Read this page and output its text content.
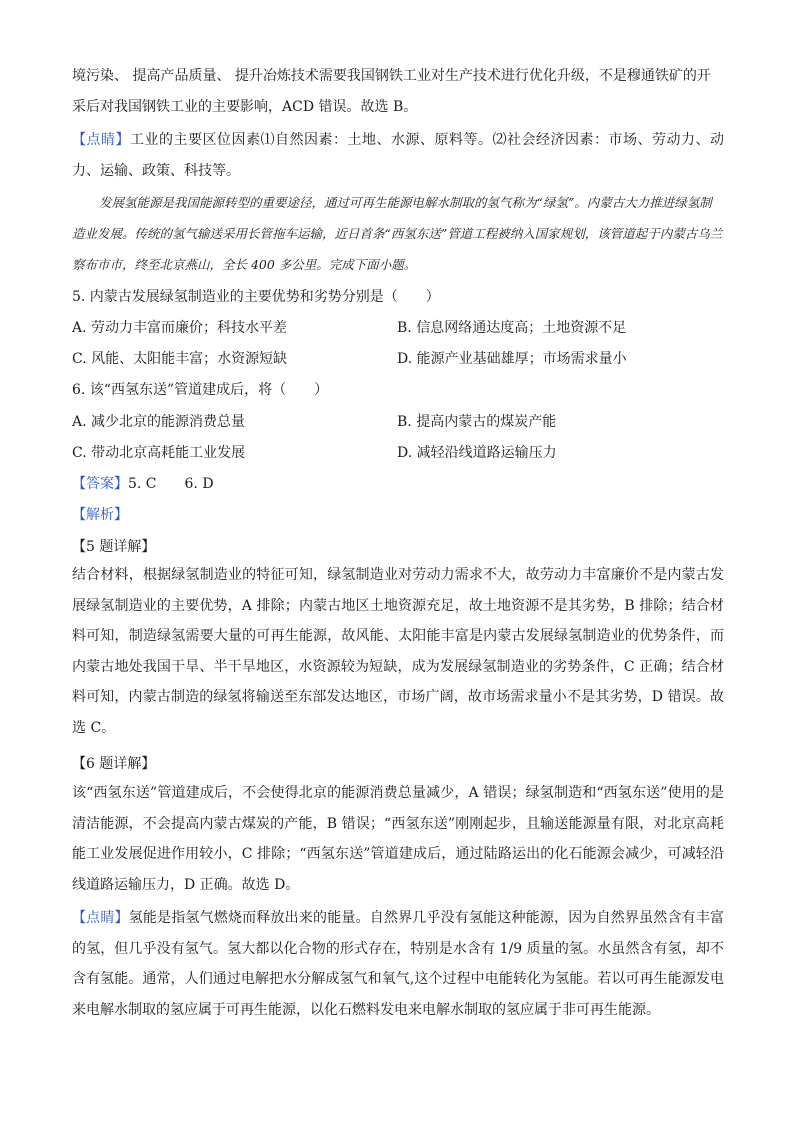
境污染、 提高产品质量、 提升冶炼技术需要我国钢铁工业对生产技术进行优化升级，不是穆通铁矿的开

采后对我国钢铁工业的主要影响，ACD 错误。故选 B。

【点睛】工业的主要区位因素⑴自然因素：土地、水源、原料等。⑵社会经济因素：市场、劳动力、动力、运输、政策、科技等。

发展氢能源是我国能源转型的重要途径，通过可再生能源电解水制取的氢气称为“绿氢”。内蒙古大力推进绿氢制造业发展。传统的氢气输送采用长管拖车运输，近日首条“西氢东送”管道工程被纳入国家规划，该管道起于内蒙古乌兰察布市市，终至北京燕山，全长 400 多公里。完成下面小题。

5. 内蒙古发展绿氢制造业的主要优势和劣势分别是（　　）
A. 劳动力丰富而廉价；科技水平差	B. 信息网络通达度高；土地资源不足
C. 风能、太阳能丰富；水资源短缺	D. 能源产业基础雄厚；市场需求量小
6. 该“西氢东送”管道建成后，将（　　）
A. 减少北京的能源消费总量	B. 提高内蒙古的煤炭产能
C. 带动北京高耗能工业发展	D. 减轻沿线道路运输压力
【答案】5. C　　6. D
【解析】
【5 题详解】

结合材料，根据绿氢制造业的特征可知，绿氢制造业对劳动力需求不大，故劳动力丰富廉价不是内蒙古发展绿氢制造业的主要优势，A 排除；内蒙古地区土地资源充足，故土地资源不是其劣势，B 排除；结合材料可知，制造绿氢需要大量的可再生能源，故风能、太阳能丰富是内蒙古发展绿氢制造业的优势条件，而内蒙古地处我国干旱、半干旱地区，水资源较为短缺，成为发展绿氢制造业的劣势条件，C 正确；结合材料可知，内蒙古制造的绿氢将输送至东部发达地区，市场广阔，故市场需求量小不是其劣势，D 错误。故选 C。

【6 题详解】

该“西氢东送”管道建成后，不会使得北京的能源消费总量减少，A 错误；绿氢制造和“西氢东送”使用的是清洁能源，不会提高内蒙古煤炭的产能，B 错误；“西氢东送”刚刚起步，且输送能源量有限，对北京高耗能工业发展促进作用较小，C 排除；“西氢东送”管道建成后，通过陆路运出的化石能源会减少，可减轻沿线道路运输压力，D 正确。故选 D。

【点睛】氢能是指氢气燃烧而释放出来的能量。自然界几乎没有氢能这种能源，因为自然界虽然含有丰富的氢，但几乎没有氢气。氢大都以化合物的形式存在，特别是水含有 1/9 质量的氢。水虽然含有氢，却不含有氢能。通常，人们通过电解把水分解成氢气和氧气,这个过程中电能转化为氢能。若以可再生能源发电来电解水制取的氢应属于可再生能源，以化石燃料发电来电解水制取的氢应属于非可再生能源。
